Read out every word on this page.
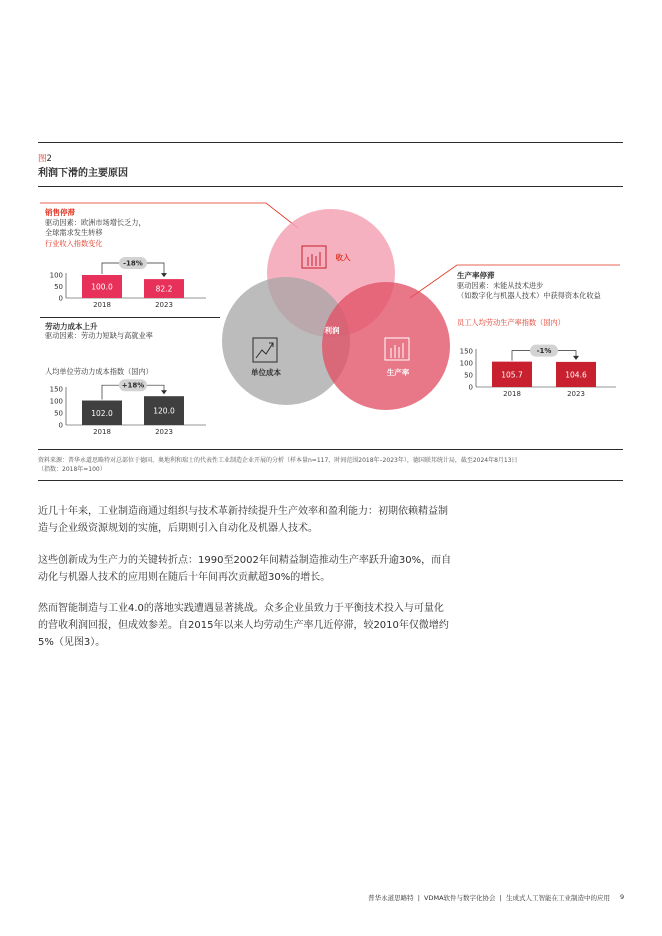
图2
利润下滑的主要原因
收入
单位成本	生产率
利润
销售停滞
驱动因素：欧洲市场增长乏力，
全球需求发生转移
行业收入指数变化
100
50
0
100.0
2018
82.2
2023
-18%
劳动力成本上升
驱动因素：劳动力短缺与高就业率
人均单位劳动力成本指数（国内）
150
100
50
0
102.0
2018
120.0
2023
+18%
生产率停滞
驱动因素：未能从技术进步
（如数字化与机器人技术）中获得资本化收益
员工人均劳动生产率指数（国内）
150
100
50
0
105.7
2018
104.6
2023
-1%
资料来源：普华永道思略特对总部位于德国、奥地利和瑞士的代表性工业制造企业开展的分析（样本量n=117，时间范围2018年–2023年），德国联邦统计局，截至2024年8月13日
（指数：2018年=100）
近几十年来，工业制造商通过组织与技术革新持续提升生产效率和盈利能力：初期依赖精益制
造与企业级资源规划的实施，后期则引入自动化及机器人技术。
这些创新成为生产力的关键转折点：1990至2002年间精益制造推动生产率跃升逾30%，而自
动化与机器人技术的应用则在随后十年间再次贡献超30%的增长。
然而智能制造与工业4.0的落地实践遭遇显著挑战。众多企业虽致力于平衡技术投入与可量化
的营收利润回报，但成效参差。自2015年以来人均劳动生产率几近停滞，较2010年仅微增约
5%（见图3）。
普华永道思略特  |  VDMA软件与数字化协会  |  生成式人工智能在工业制造中的应用 9
